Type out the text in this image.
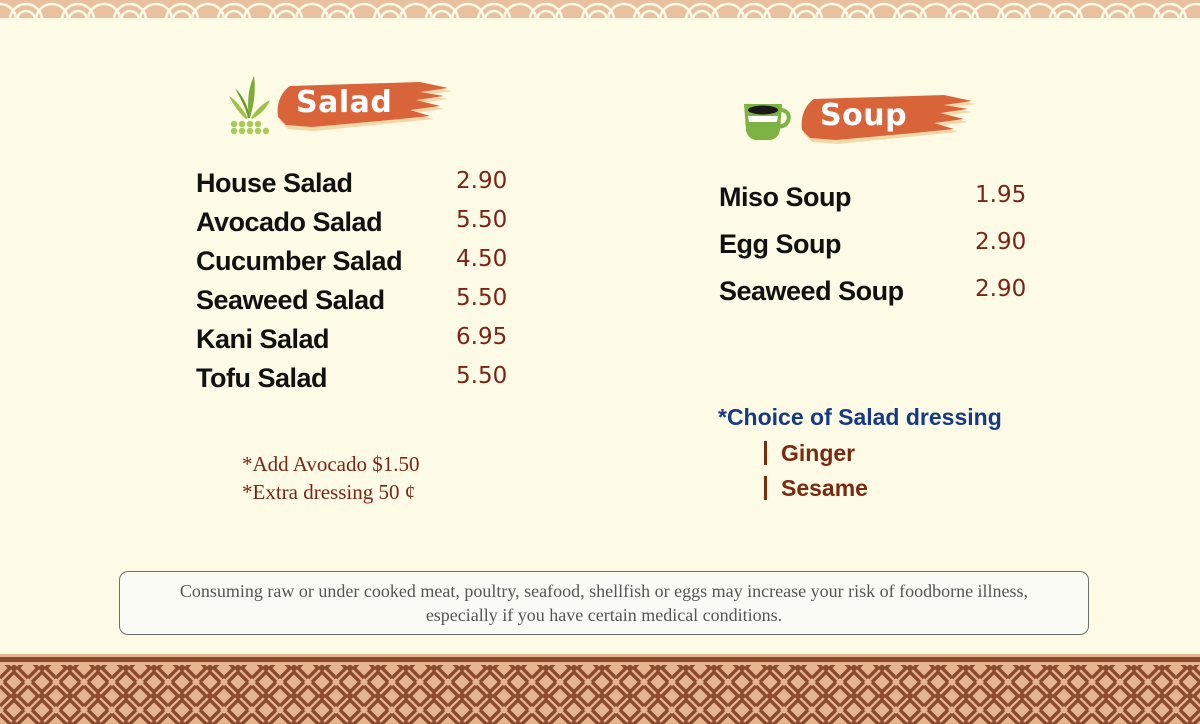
Salad
House Salad	2.90
Avocado Salad	5.50
Cucumber Salad 4.50
Seaweed Salad	5.50
Kani Salad	6.95
Tofu Salad	5.50
*Add Avocado $1.50
*Extra dressing 50 ¢
Soup
Miso Soup	1.95
Egg Soup	2.90
Seaweed Soup	2.90
*Choice of Salad dressing
Ginger
Sesame
Consuming raw or under cooked meat, poultry, seafood, shellfish or eggs may increase your risk of foodborne illness,
especially if you have certain medical conditions.
